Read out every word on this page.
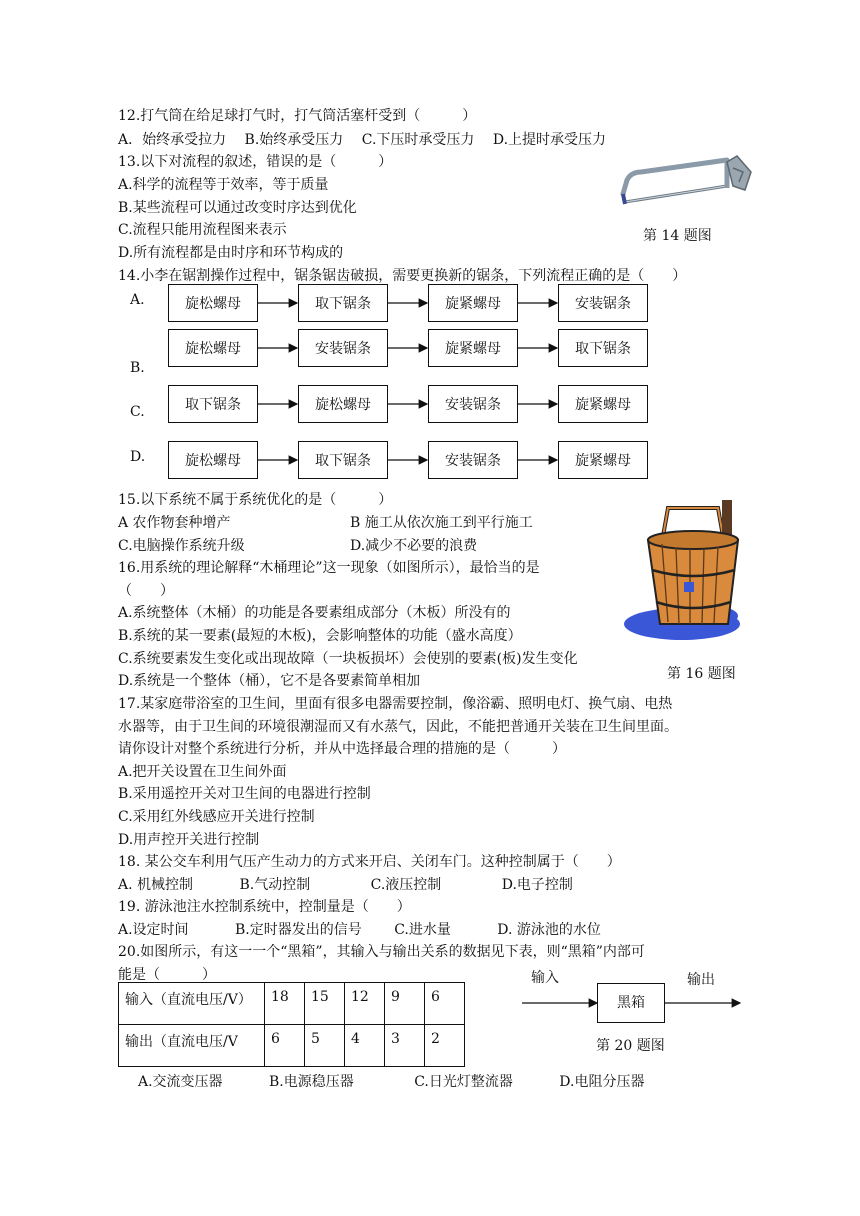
12.打气筒在给足球打气时，打气筒活塞杆受到（　　　）
A．始终承受拉力　 B.始终承受压力　 C.下压时承受压力　 D.上提时承受压力
13.以下对流程的叙述，错误的是（　　　）
A.科学的流程等于效率，等于质量
B.某些流程可以通过改变时序达到优化
C.流程只能用流程图来表示
D.所有流程都是由时序和环节构成的
14.小李在锯割操作过程中，锯条锯齿破损，需要更换新的锯条，下列流程正确的是（　　）
第 14 题图
A.	旋松螺母	取下锯条	旋紧螺母	安装锯条
B.
旋松螺母	安装锯条	旋紧螺母	取下锯条
C.	取下锯条	旋松螺母	安装锯条	旋紧螺母
D.	旋松螺母	取下锯条	安装锯条	旋紧螺母
15.以下系统不属于系统优化的是（　　　）
A 农作物套种增产	B 施工从依次施工到平行施工
C.电脑操作系统升级	D.减少不必要的浪费
16.用系统的理论解释“木桶理论”这一现象（如图所示），最恰当的是
（　　）
A.系统整体（木桶）的功能是各要素组成部分（木板）所没有的
B.系统的某一要素(最短的木板)，会影响整体的功能（盛水高度）
C.系统要素发生变化或出现故障（一块板损坏）会使别的要素(板)发生变化
D.系统是一个整体（桶），它不是各要素简单相加	第 16 题图
17.某家庭带浴室的卫生间，里面有很多电器需要控制，像浴霸、照明电灯、换气扇、电热
水器等，由于卫生间的环境很潮湿而又有水蒸气，因此，不能把普通开关装在卫生间里面。
请你设计对整个系统进行分析，并从中选择最合理的措施的是（　　　）
A.把开关设置在卫生间外面
B.采用遥控开关对卫生间的电器进行控制
C.采用红外线感应开关进行控制
D.用声控开关进行控制
18. 某公交车利用气压产生动力的方式来开启、关闭车门。这种控制属于（　　）
A. 机械控制　　　 B.气动控制　　　　 C.液压控制　　　　 D.电子控制
19. 游泳池注水控制系统中，控制量是（　　）
A.设定时间　　　 B.定时器发出的信号　　 C.进水量　　　 D. 游泳池的水位
20.如图所示，有这一一个“黑箱”，其输入与输出关系的数据见下表，则“黑箱”内部可
能是（　　　）
输入（直流电压/V）	18	15	12	9	6
输出（直流电压/V	6	5	4	3	2
输入	输出
黑箱
第 20 题图
A.交流变压器　　　 B.电源稳压器　　　　 C.日光灯整流器　　　 D.电阻分压器
